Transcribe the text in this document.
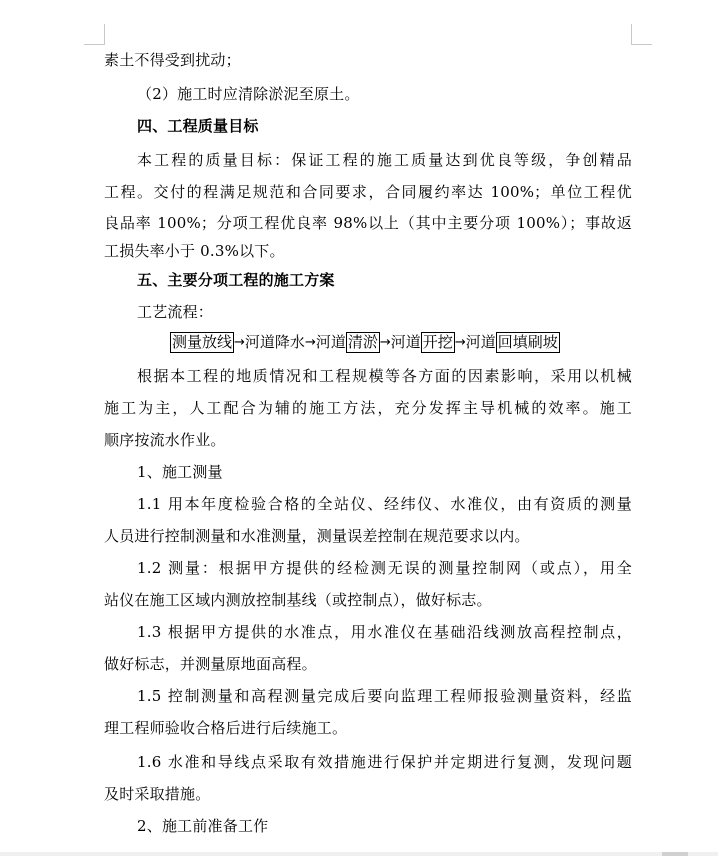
素土不得受到扰动；
（2）施工时应清除淤泥至原土。
四、工程质量目标
本工程的质量目标：保证工程的施工质量达到优良等级，争创精品
工程。交付的程满足规范和合同要求，合同履约率达 100%；单位工程优
良品率 100%；分项工程优良率 98%以上（其中主要分项 100%）；事故返
工损失率小于 0.3%以下。
五、主要分项工程的施工方案
工艺流程：
测量放线 → 河道降水 → 河道 清淤 → 河道 开挖 → 河道 回填刷坡
根据本工程的地质情况和工程规模等各方面的因素影响，采用以机械
施工为主，人工配合为辅的施工方法，充分发挥主导机械的效率。施工
顺序按流水作业。
1、施工测量
1.1 用本年度检验合格的全站仪、经纬仪、水准仪，由有资质的测量
人员进行控制测量和水准测量，测量误差控制在规范要求以内。
1.2 测量：根据甲方提供的经检测无误的测量控制网（或点），用全
站仪在施工区域内测放控制基线（或控制点），做好标志。
1.3 根据甲方提供的水准点，用水准仪在基础沿线测放高程控制点，
做好标志，并测量原地面高程。
1.5 控制测量和高程测量完成后要向监理工程师报验测量资料，经监
理工程师验收合格后进行后续施工。
1.6 水准和导线点采取有效措施进行保护并定期进行复测，发现问题
及时采取措施。
2、施工前准备工作
